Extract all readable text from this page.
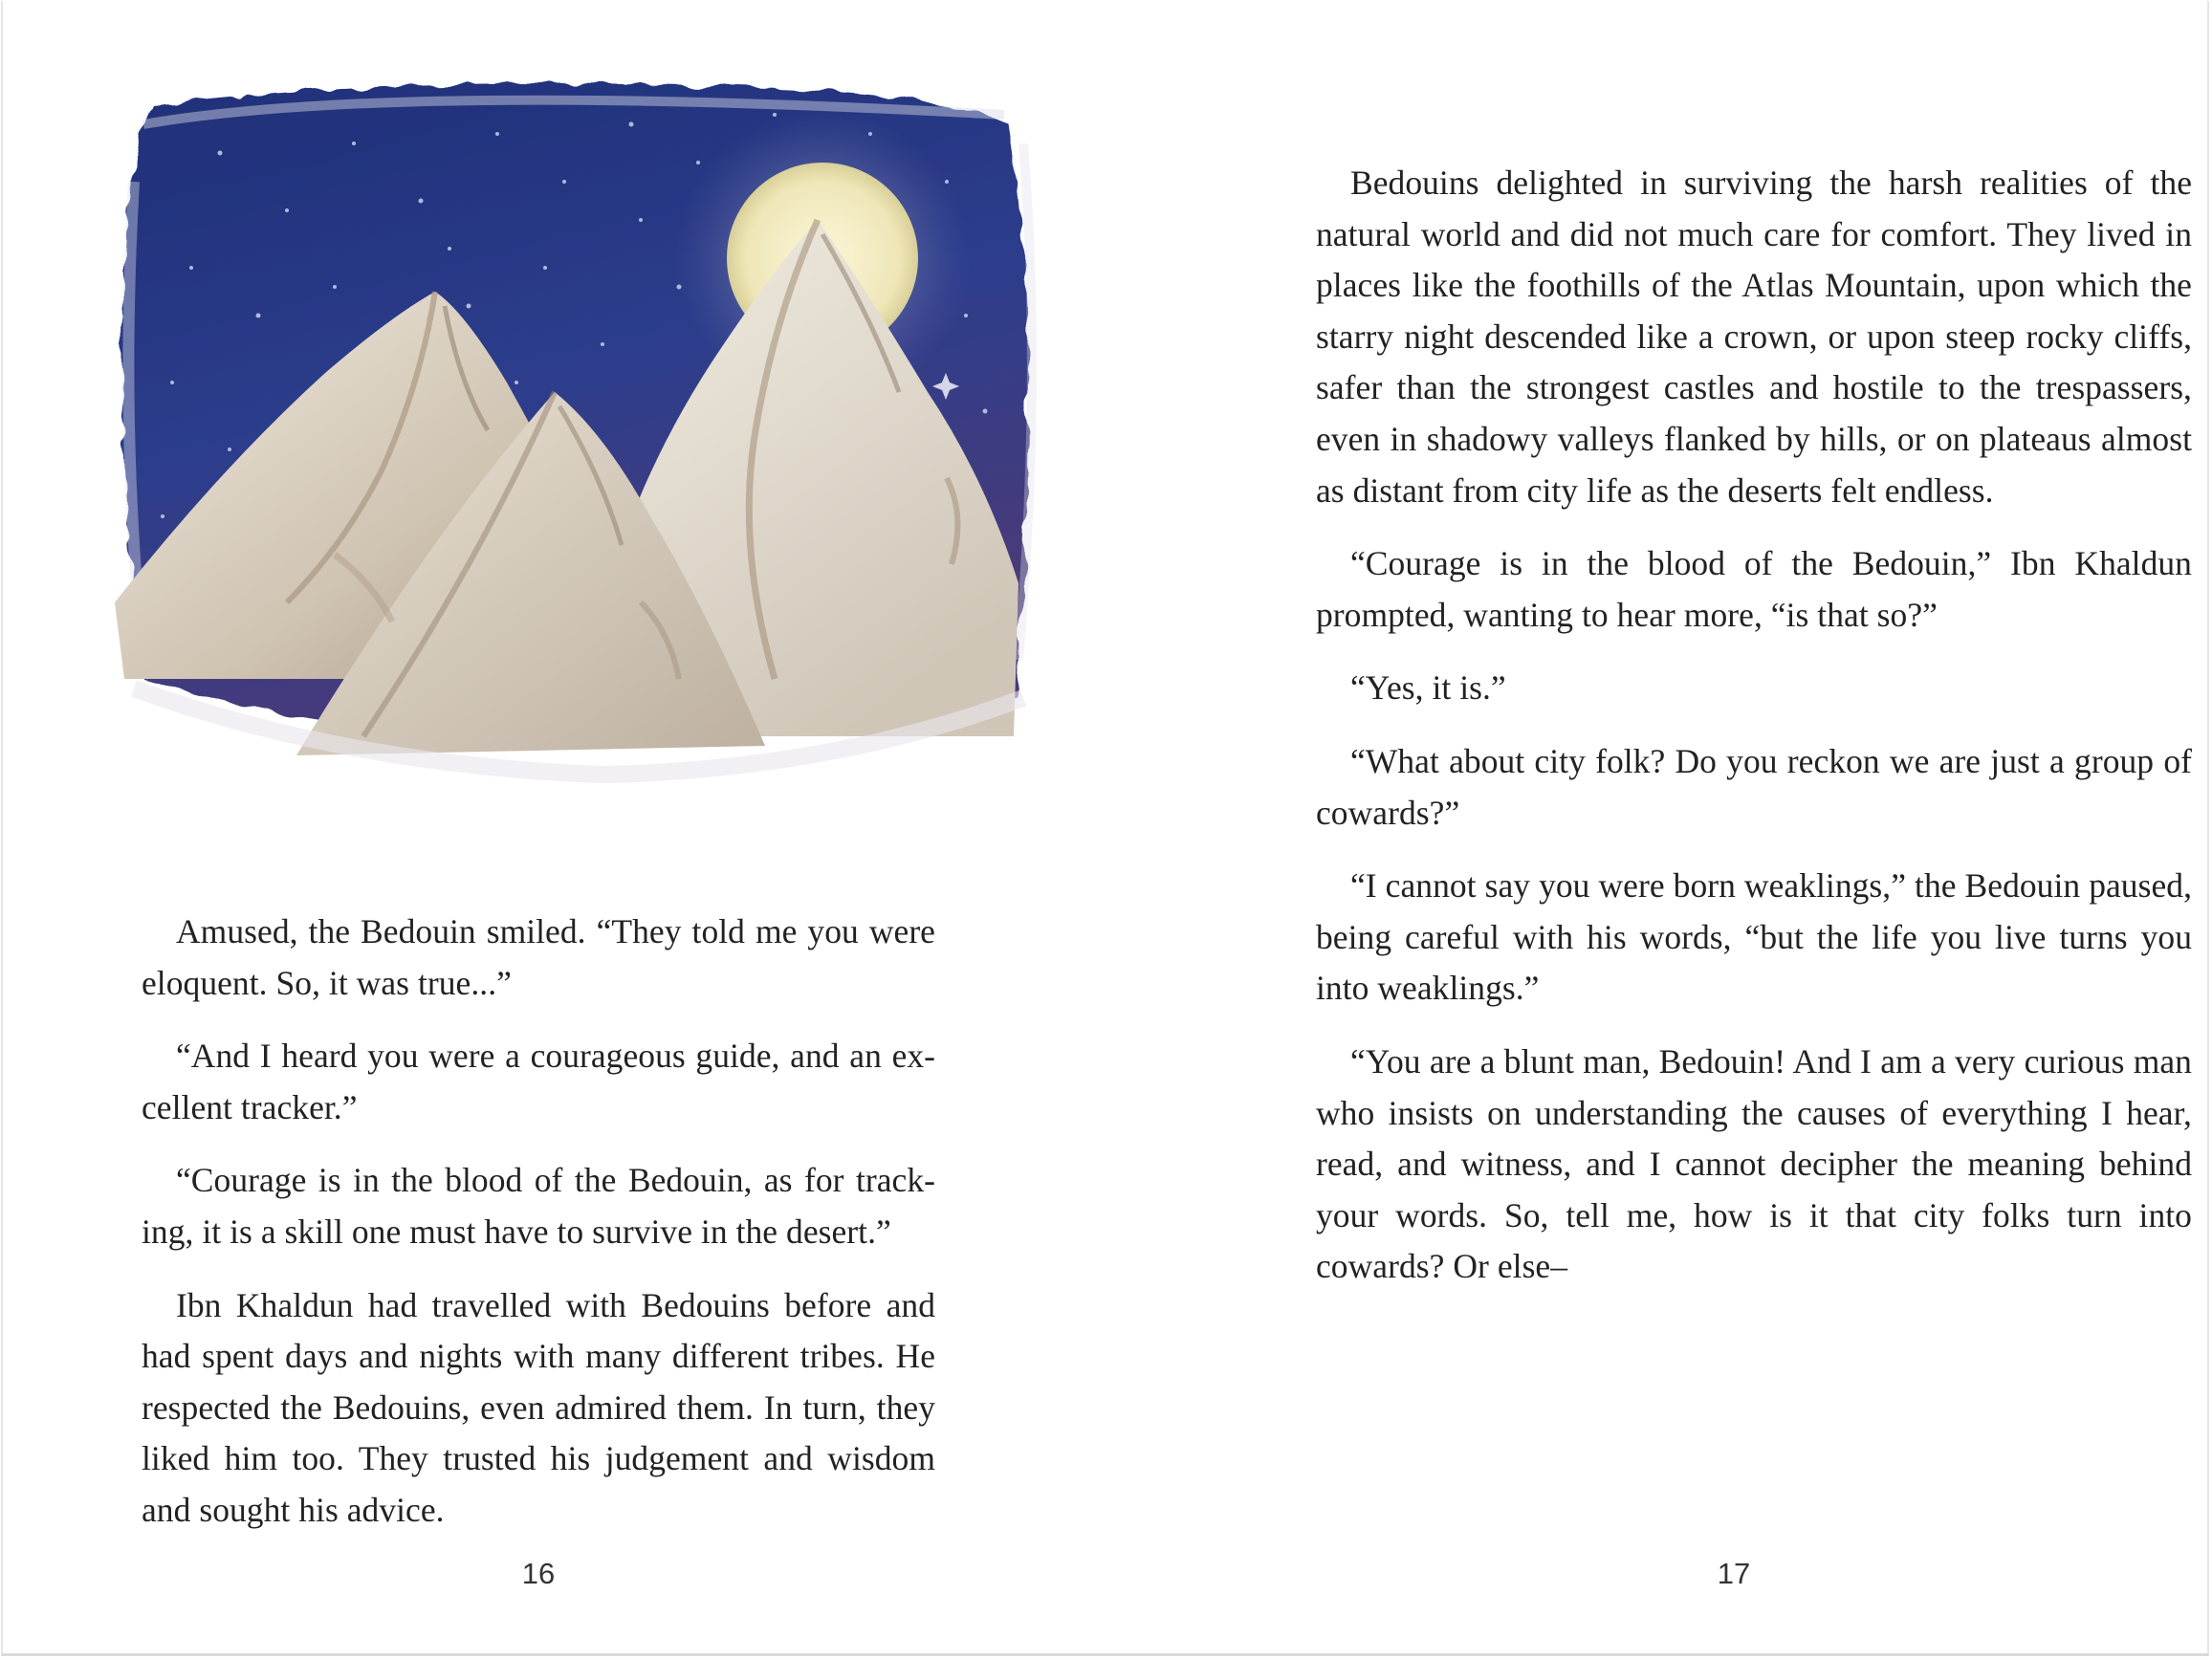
Amused, the Bedouin smiled. “They told me you were eloquent. So, it was true...”

“And I heard you were a courageous guide, and an excellent tracker.”

“Courage is in the blood of the Bedouin, as for tracking, it is a skill one must have to survive in the desert.”

Ibn Khaldun had travelled with Bedouins before and had spent days and nights with many different tribes. He respected the Bedouins, even admired them. In turn, they liked him too. They trusted his judgement and wisdom and sought his advice.

16

Bedouins delighted in surviving the harsh realities of the natural world and did not much care for comfort. They lived in places like the foothills of the Atlas Mountain, upon which the starry night descended like a crown, or upon steep rocky cliffs, safer than the strongest castles and hostile to the trespassers, even in shadowy valleys flanked by hills, or on plateaus almost as distant from city life as the deserts felt endless.

“Courage is in the blood of the Bedouin,” Ibn Khaldun prompted, wanting to hear more, “is that so?”

“Yes, it is.”

“What about city folk? Do you reckon we are just a group of cowards?”

“I cannot say you were born weaklings,” the Bedouin paused, being careful with his words, “but the life you live turns you into weaklings.”

“You are a blunt man, Bedouin! And I am a very curious man who insists on understanding the causes of everything I hear, read, and witness, and I cannot decipher the meaning behind your words. So, tell me, how is it that city folks turn into cowards? Or else–

17
